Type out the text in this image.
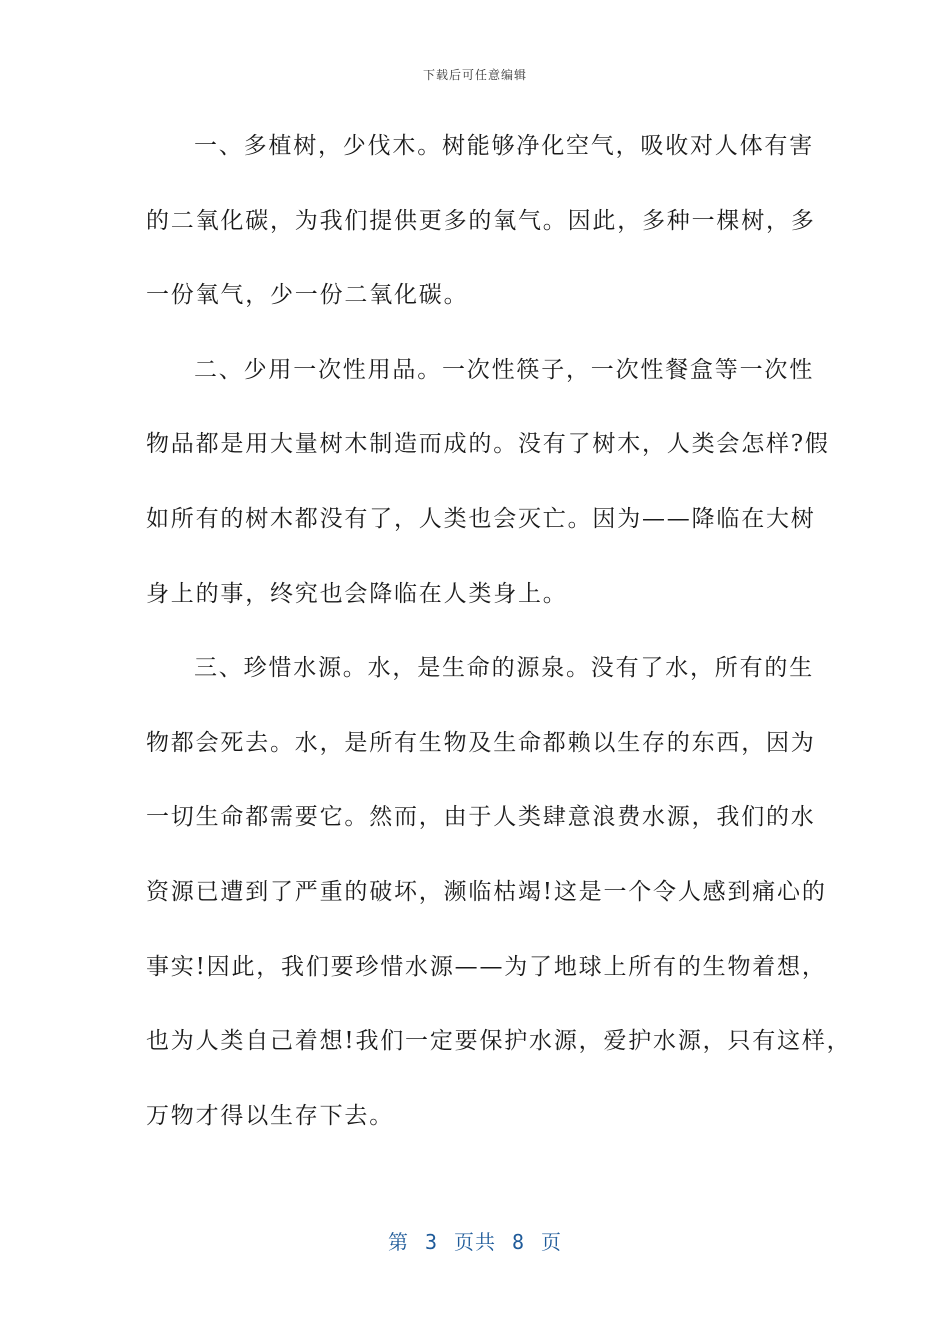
下载后可任意编辑
一、多植树，少伐木。树能够净化空气，吸收对人体有害
的二氧化碳，为我们提供更多的氧气。因此，多种一棵树，多
一份氧气，少一份二氧化碳。
二、少用一次性用品。一次性筷子，一次性餐盒等一次性
物品都是用大量树木制造而成的。没有了树木，人类会怎样?假
如所有的树木都没有了，人类也会灭亡。因为——降临在大树
身上的事，终究也会降临在人类身上。
三、珍惜水源。水，是生命的源泉。没有了水，所有的生
物都会死去。水，是所有生物及生命都赖以生存的东西，因为
一切生命都需要它。然而，由于人类肆意浪费水源，我们的水
资源已遭到了严重的破坏，濒临枯竭!这是一个令人感到痛心的
事实!因此，我们要珍惜水源——为了地球上所有的生物着想，
也为人类自己着想!我们一定要保护水源，爱护水源，只有这样，
万物才得以生存下去。
第 3 页共 8 页
